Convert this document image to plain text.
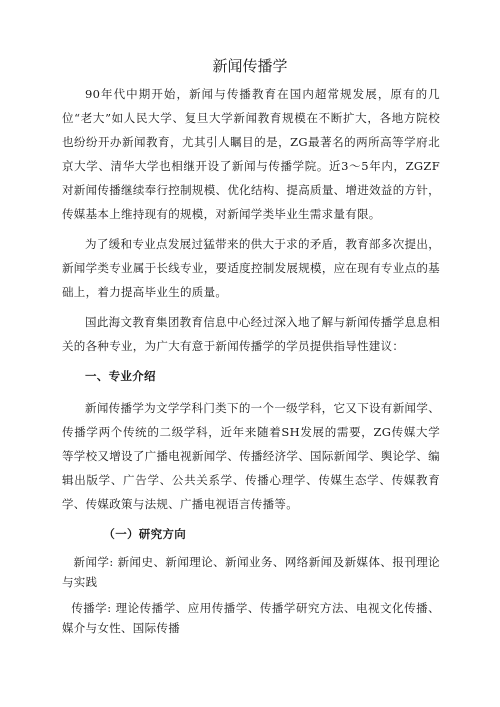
新闻传播学

90年代中期开始，新闻与传播教育在国内超常规发展，原有的几位“老大”如人民大学、复旦大学新闻教育规模在不断扩大，各地方院校也纷纷开办新闻教育，尤其引人瞩目的是，ZG最著名的两所高等学府北京大学、清华大学也相继开设了新闻与传播学院。近3～5年内，ZGZF对新闻传播继续奉行控制规模、优化结构、提高质量、增进效益的方针，传媒基本上维持现有的规模，对新闻学类毕业生需求量有限。

为了缓和专业点发展过猛带来的供大于求的矛盾，教育部多次提出，新闻学类专业属于长线专业，要适度控制发展规模，应在现有专业点的基础上，着力提高毕业生的质量。

国此海文教育集团教育信息中心经过深入地了解与新闻传播学息息相关的各种专业，为广大有意于新闻传播学的学员提供指导性建议：

一、专业介绍

新闻传播学为文学学科门类下的一个一级学科，它又下设有新闻学、传播学两个传统的二级学科，近年来随着SH发展的需要，ZG传媒大学等学校又增设了广播电视新闻学、传播经济学、国际新闻学、舆论学、编辑出版学、广告学、公共关系学、传播心理学、传媒生态学、传媒教育学、传媒政策与法规、广播电视语言传播等。

（一）研究方向

新闻学: 新闻史、新闻理论、新闻业务、网络新闻及新媒体、报刊理论与实践

传播学: 理论传播学、应用传播学、传播学研究方法、电视文化传播、媒介与女性、国际传播
